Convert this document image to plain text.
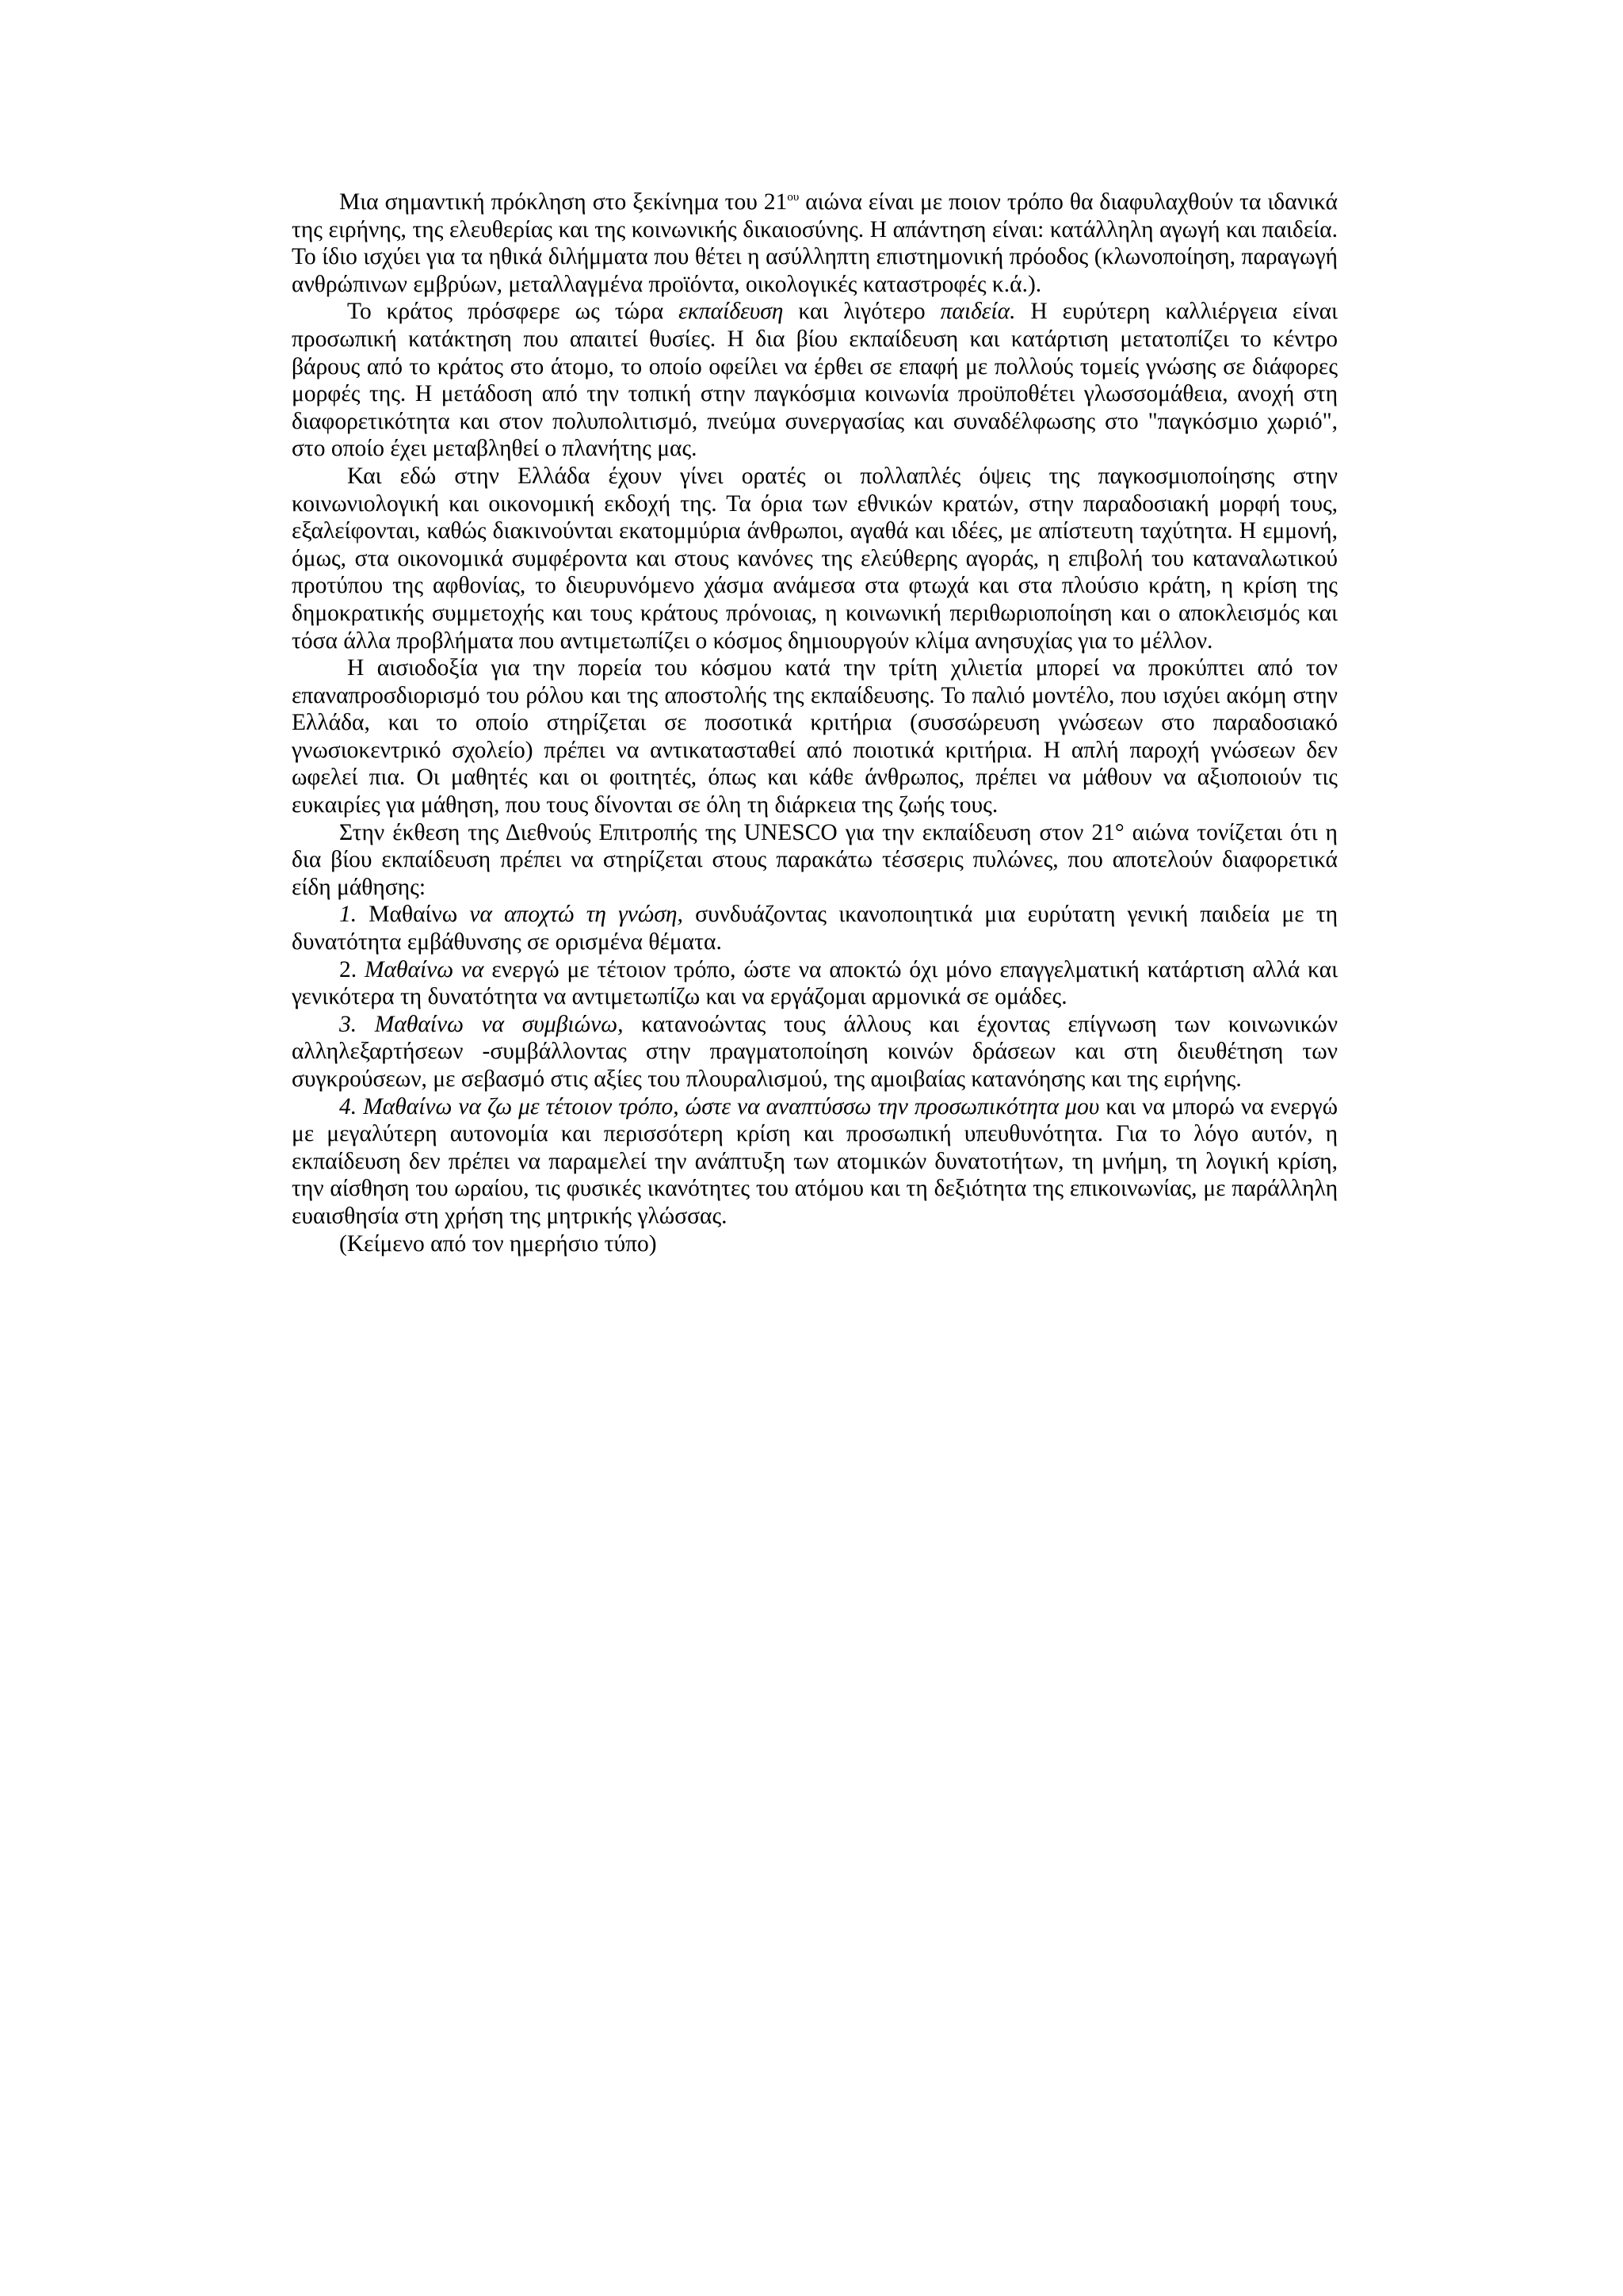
Μια σημαντική πρόκληση στο ξεκίνημα του $21^{o\upsilon}$ αιώνα είναι με ποιον τρόπο θα διαφυλαχθούν τα ιδανικά της ειρήνης, της ελευθερίας και της κοινωνικής δικαιοσύνης. Η απάντηση είναι: κατάλληλη αγωγή και παιδεία. Το ίδιο ισχύει για τα ηθικά διλήμματα που θέτει η ασύλληπτη επιστημονική πρόοδος (κλωνοποίηση, παραγωγή ανθρώπινων εμβρύων, μεταλλαγμένα προϊόντα, οικολογικές καταστροφές κ.ά.).

Το κράτος πρόσφερε ως τώρα εκπαίδευση και λιγότερο παιδεία. Η ευρύτερη καλλιέργεια είναι προσωπική κατάκτηση που απαιτεί θυσίες. Η δια βίου εκπαίδευση και κατάρτιση μετατοπίζει το κέντρο βάρους από το κράτος στο άτομο, το οποίο οφείλει να έρθει σε επαφή με πολλούς τομείς γνώσης σε διάφορες μορφές της. Η μετάδοση από την τοπική στην παγκόσμια κοινωνία προϋποθέτει γλωσσομάθεια, ανοχή στη διαφορετικότητα και στον πολυπολιτισμό, πνεύμα συνεργασίας και συναδέλφωσης στο "παγκόσμιο χωριό", στο οποίο έχει μεταβληθεί ο πλανήτης μας.

Και εδώ στην Ελλάδα έχουν γίνει ορατές οι πολλαπλές όψεις της παγκοσμιοποίησης στην κοινωνιολογική και οικονομική εκδοχή της. Τα όρια των εθνικών κρατών, στην παραδοσιακή μορφή τους, εξαλείφονται, καθώς διακινούνται εκατομμύρια άνθρωποι, αγαθά και ιδέες, με απίστευτη ταχύτητα. Η εμμονή, όμως, στα οικονομικά συμφέροντα και στους κανόνες της ελεύθερης αγοράς, η επιβολή του καταναλωτικού προτύπου της αφθονίας, το διευρυνόμενο χάσμα ανάμεσα στα φτωχά και στα πλούσιο κράτη, η κρίση της δημοκρατικής συμμετοχής και τους κράτους πρόνοιας, η κοινωνική περιθωριοποίηση και ο αποκλεισμός και τόσα άλλα προβλήματα που αντιμετωπίζει ο κόσμος δημιουργούν κλίμα ανησυχίας για το μέλλον.

Η αισιοδοξία για την πορεία του κόσμου κατά την τρίτη χιλιετία μπορεί να προκύπτει από τον επαναπροσδιορισμό του ρόλου και της αποστολής της εκπαίδευσης. Το παλιό μοντέλο, που ισχύει ακόμη στην Ελλάδα, και το οποίο στηρίζεται σε ποσοτικά κριτήρια (συσσώρευση γνώσεων στο παραδοσιακό γνωσιοκεντρικό σχολείο) πρέπει να αντικατασταθεί από ποιοτικά κριτήρια. Η απλή παροχή γνώσεων δεν ωφελεί πια. Οι μαθητές και οι φοιτητές, όπως και κάθε άνθρωπος, πρέπει να μάθουν να αξιοποιούν τις ευκαιρίες για μάθηση, που τους δίνονται σε όλη τη διάρκεια της ζωής τους.

Στην έκθεση της Διεθνούς Επιτροπής της UNESCO για την εκπαίδευση στον 21° αιώνα τονίζεται ότι η δια βίου εκπαίδευση πρέπει να στηρίζεται στους παρακάτω τέσσερις πυλώνες, που αποτελούν διαφορετικά είδη μάθησης:

1. Μαθαίνω να αποχτώ τη γνώση, συνδυάζοντας ικανοποιητικά μια ευρύτατη γενική παιδεία με τη δυνατότητα εμβάθυνσης σε ορισμένα θέματα.

2. Μαθαίνω να ενεργώ με τέτοιον τρόπο, ώστε να αποκτώ όχι μόνο επαγγελματική κατάρτιση αλλά και γενικότερα τη δυνατότητα να αντιμετωπίζω και να εργάζομαι αρμονικά σε ομάδες.

3. Μαθαίνω να συμβιώνω, κατανοώντας τους άλλους και έχοντας επίγνωση των κοινωνικών αλληλεξαρτήσεων -συμβάλλοντας στην πραγματοποίηση κοινών δράσεων και στη διευθέτηση των συγκρούσεων, με σεβασμό στις αξίες του πλουραλισμού, της αμοιβαίας κατανόησης και της ειρήνης.

4. Μαθαίνω να ζω με τέτοιον τρόπο, ώστε να αναπτύσσω την προσωπικότητα μου και να μπορώ να ενεργώ με μεγαλύτερη αυτονομία και περισσότερη κρίση και προσωπική υπευθυνότητα. Για το λόγο αυτόν, η εκπαίδευση δεν πρέπει να παραμελεί την ανάπτυξη των ατομικών δυνατοτήτων, τη μνήμη, τη λογική κρίση, την αίσθηση του ωραίου, τις φυσικές ικανότητες του ατόμου και τη δεξιότητα της επικοινωνίας, με παράλληλη ευαισθησία στη χρήση της μητρικής γλώσσας.

(Κείμενο από τον ημερήσιο τύπο)
